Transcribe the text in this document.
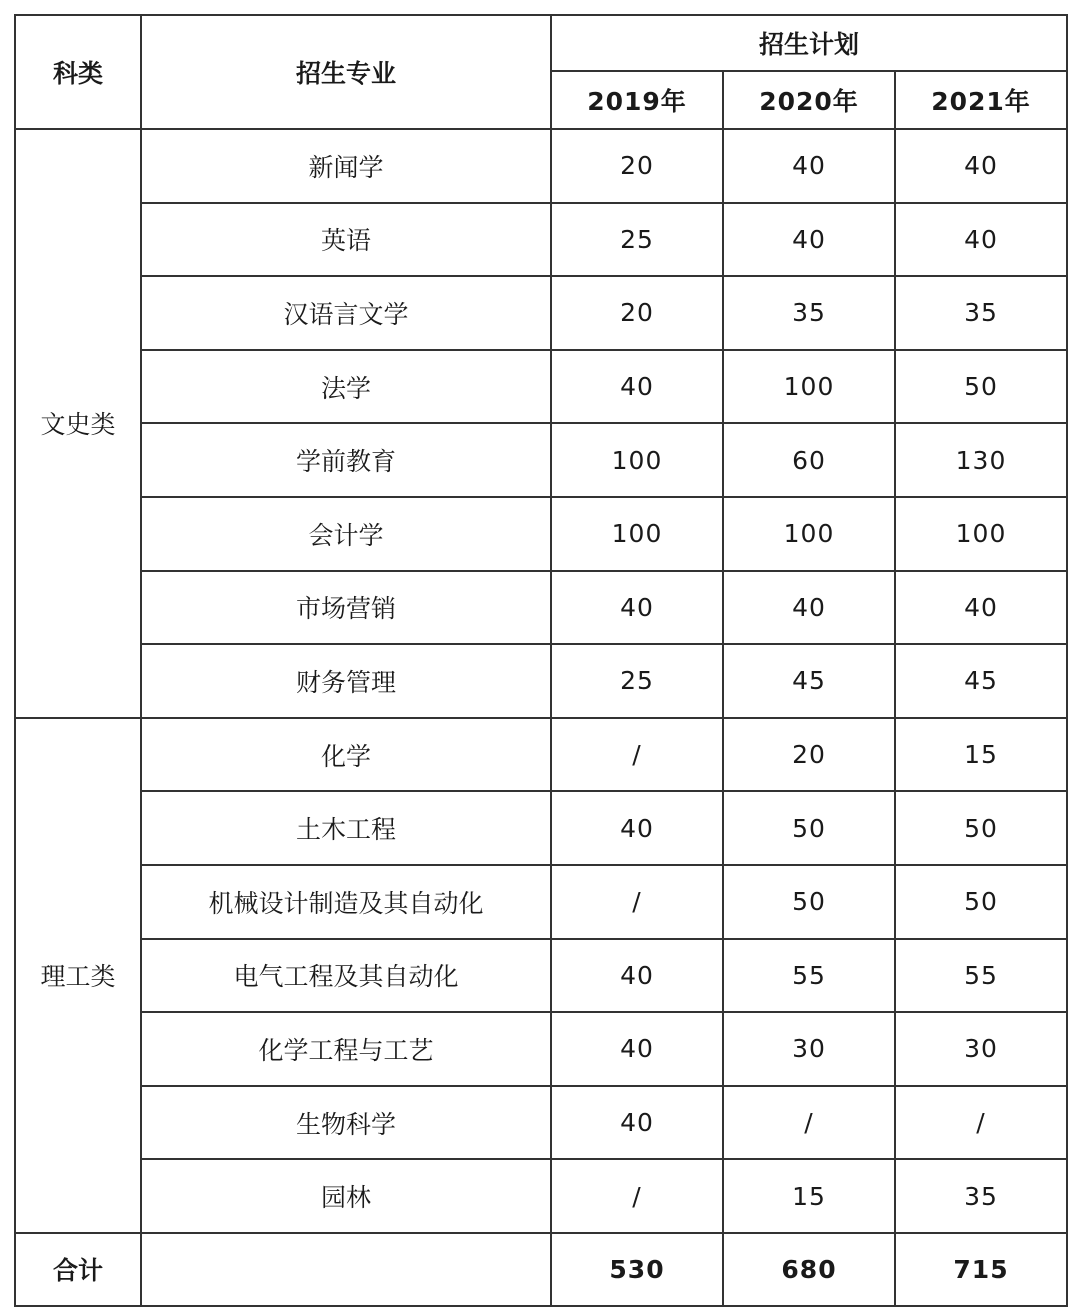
科类	招生专业	招生计划		
		2019年	2020年	2021年
文史类	新闻学	20	40	40
	英语	25	40	40
	汉语言文学	20	35	35
	法学	40	100	50
	学前教育	100	60	130
	会计学	100	100	100
	市场营销	40	40	40
	财务管理	25	45	45
理工类	化学	/	20	15
	土木工程	40	50	50
	机械设计制造及其自动化	/	50	50
	电气工程及其自动化	40	55	55
	化学工程与工艺	40	30	30
	生物科学	40	/	/
	园林	/	15	35
合计		530	680	715
